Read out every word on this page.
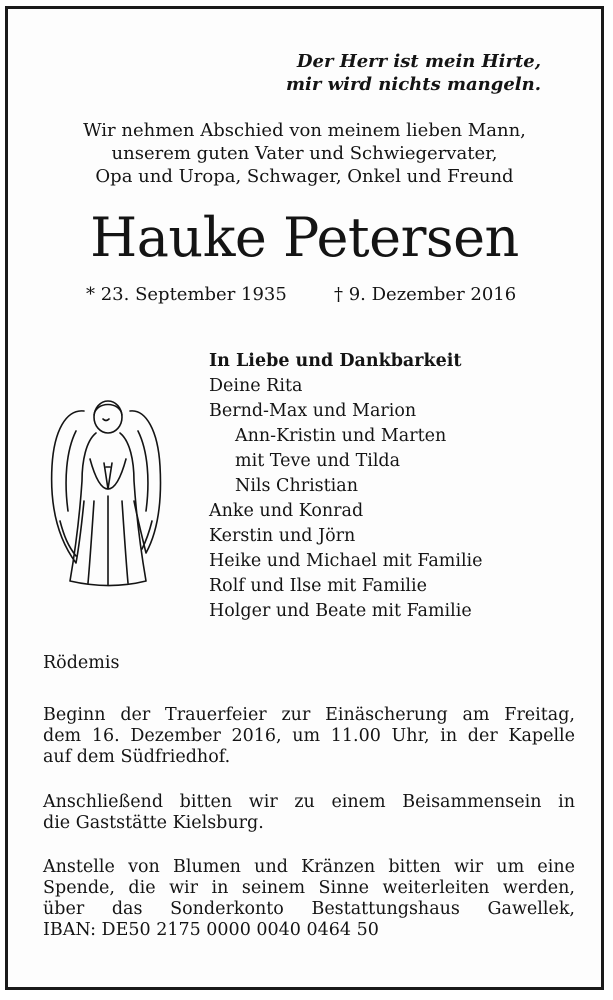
Der Herr ist mein Hirte,
mir wird nichts mangeln.
Wir nehmen Abschied von meinem lieben Mann,
unserem guten Vater und Schwiegervater,
Opa und Uropa, Schwager, Onkel und Freund
Hauke Petersen
* 23. September 1935	† 9. Dezember 2016
In Liebe und Dankbarkeit
Deine Rita
Bernd-Max und Marion
Ann-Kristin und Marten
mit Teve und Tilda
Nils Christian
Anke und Konrad
Kerstin und Jörn
Heike und Michael mit Familie
Rolf und Ilse mit Familie
Holger und Beate mit Familie
Rödemis
Beginn der Trauerfeier zur Einäscherung am Freitag,
dem 16. Dezember 2016, um 11.00 Uhr, in der Kapelle
auf dem Südfriedhof.
Anschließend bitten wir zu einem Beisammensein in
die Gaststätte Kielsburg.
Anstelle von Blumen und Kränzen bitten wir um eine
Spende, die wir in seinem Sinne weiterleiten werden,
über das Sonderkonto Bestattungshaus Gawellek,
IBAN: DE50 2175 0000 0040 0464 50
